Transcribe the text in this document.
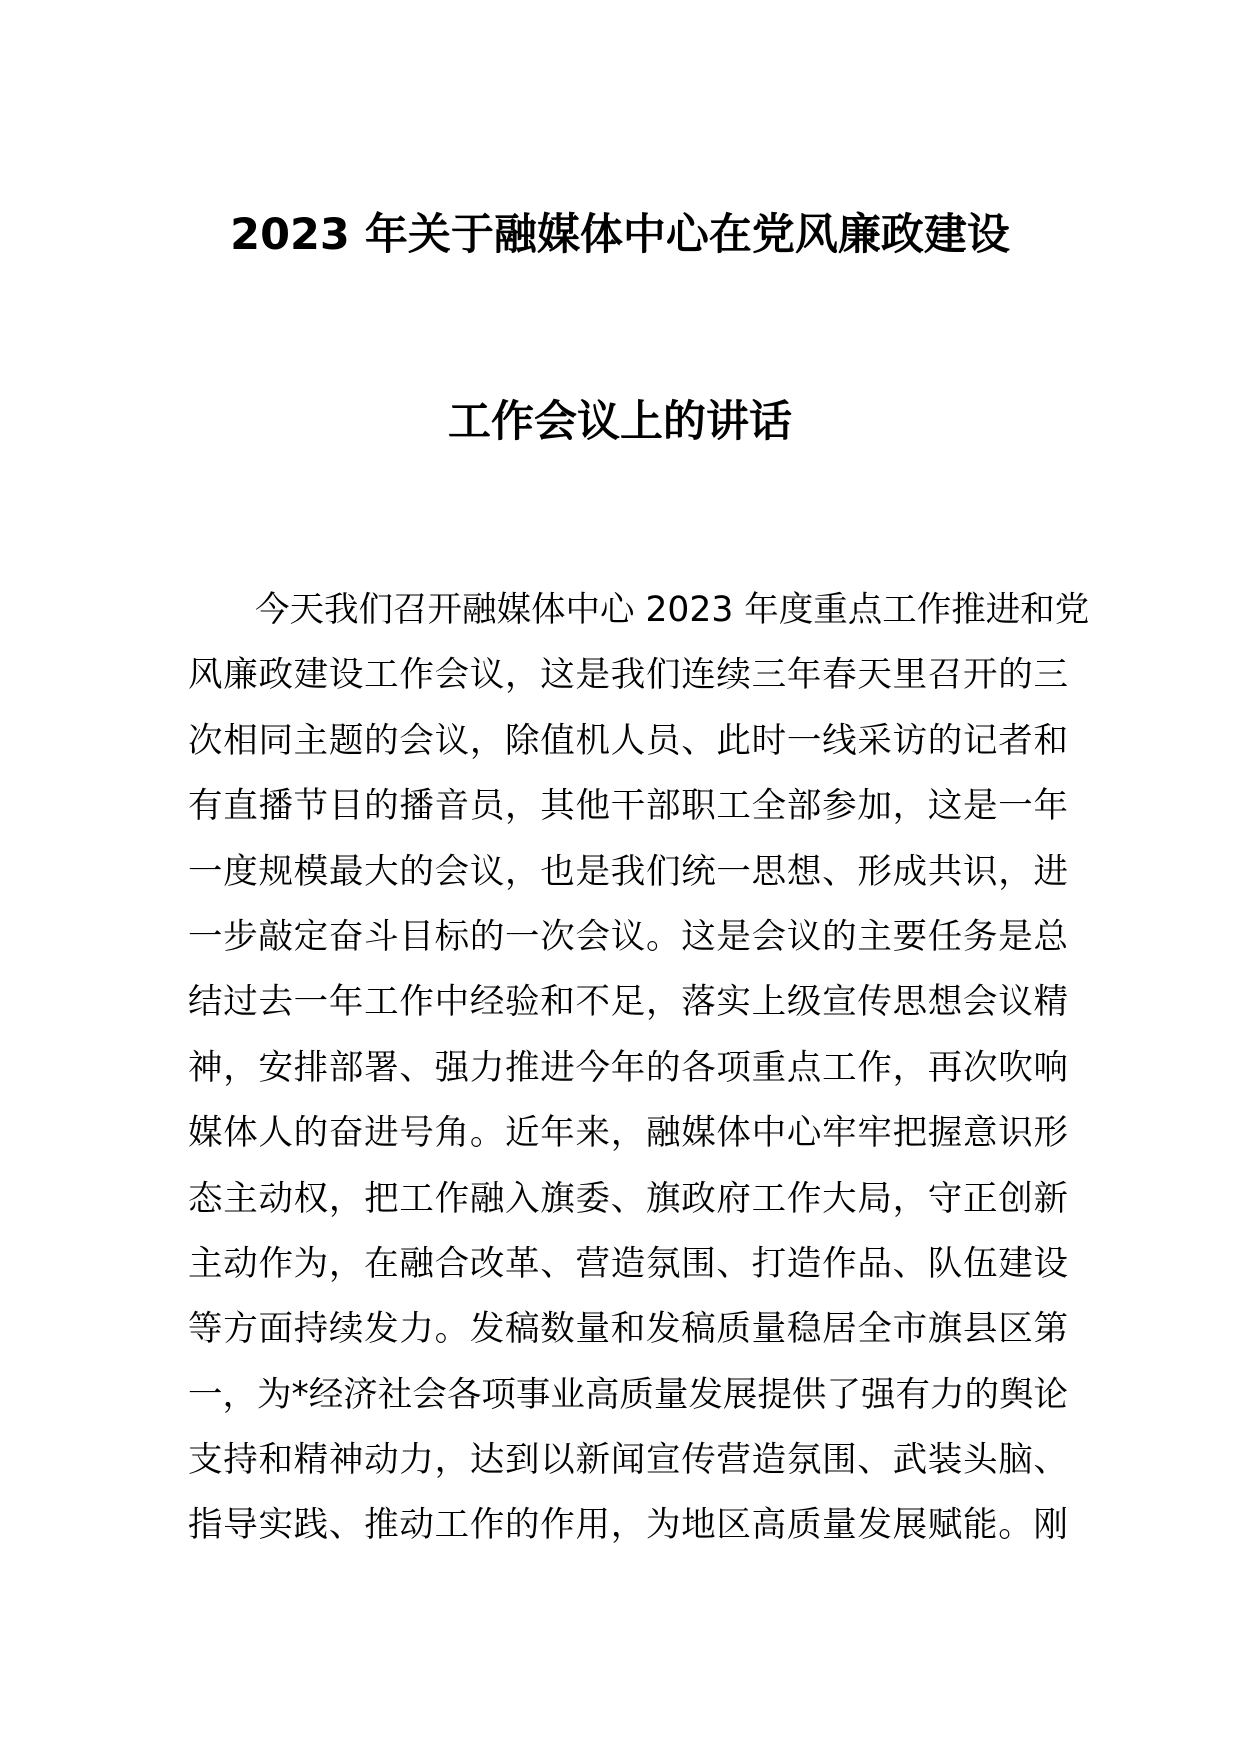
2023 年关于融媒体中心在党风廉政建设
工作会议上的讲话
今天我们召开融媒体中心 2023 年度重点工作推进和党
风廉政建设工作会议，这是我们连续三年春天里召开的三
次相同主题的会议，除值机人员、此时一线采访的记者和
有直播节目的播音员，其他干部职工全部参加，这是一年
一度规模最大的会议，也是我们统一思想、形成共识，进
一步敲定奋斗目标的一次会议。这是会议的主要任务是总
结过去一年工作中经验和不足，落实上级宣传思想会议精
神，安排部署、强力推进今年的各项重点工作，再次吹响
媒体人的奋进号角。近年来，融媒体中心牢牢把握意识形
态主动权，把工作融入旗委、旗政府工作大局，守正创新
主动作为，在融合改革、营造氛围、打造作品、队伍建设
等方面持续发力。发稿数量和发稿质量稳居全市旗县区第
一，为*经济社会各项事业高质量发展提供了强有力的舆论
支持和精神动力，达到以新闻宣传营造氛围、武装头脑、
指导实践、推动工作的作用，为地区高质量发展赋能。刚
